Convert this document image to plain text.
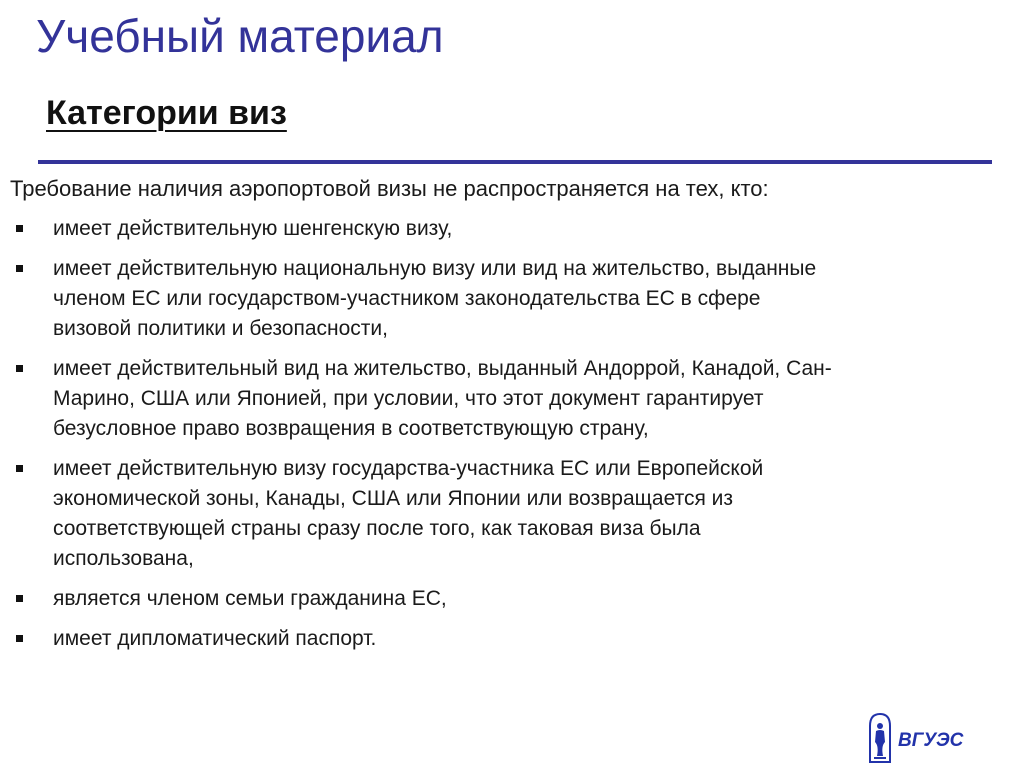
Учебный материал
Категории виз

Требование наличия аэропортовой визы не распространяется на тех, кто:

имеет действительную шенгенскую визу,
имеет действительную национальную визу или вид на жительство, выданные
членом ЕС или государством-участником законодательства ЕС в сфере
визовой политики и безопасности,
имеет действительный вид на жительство, выданный Андоррой, Канадой, Сан-
Марино, США или Японией, при условии, что этот документ гарантирует
безусловное право возвращения в соответствующую страну,
имеет действительную визу государства-участника ЕС или Европейской
экономической зоны, Канады, США или Японии или возвращается из
соответствующей страны сразу после того, как таковая виза была
использована,
является членом семьи гражданина ЕС,
имеет дипломатический паспорт.
ВГУЭС
